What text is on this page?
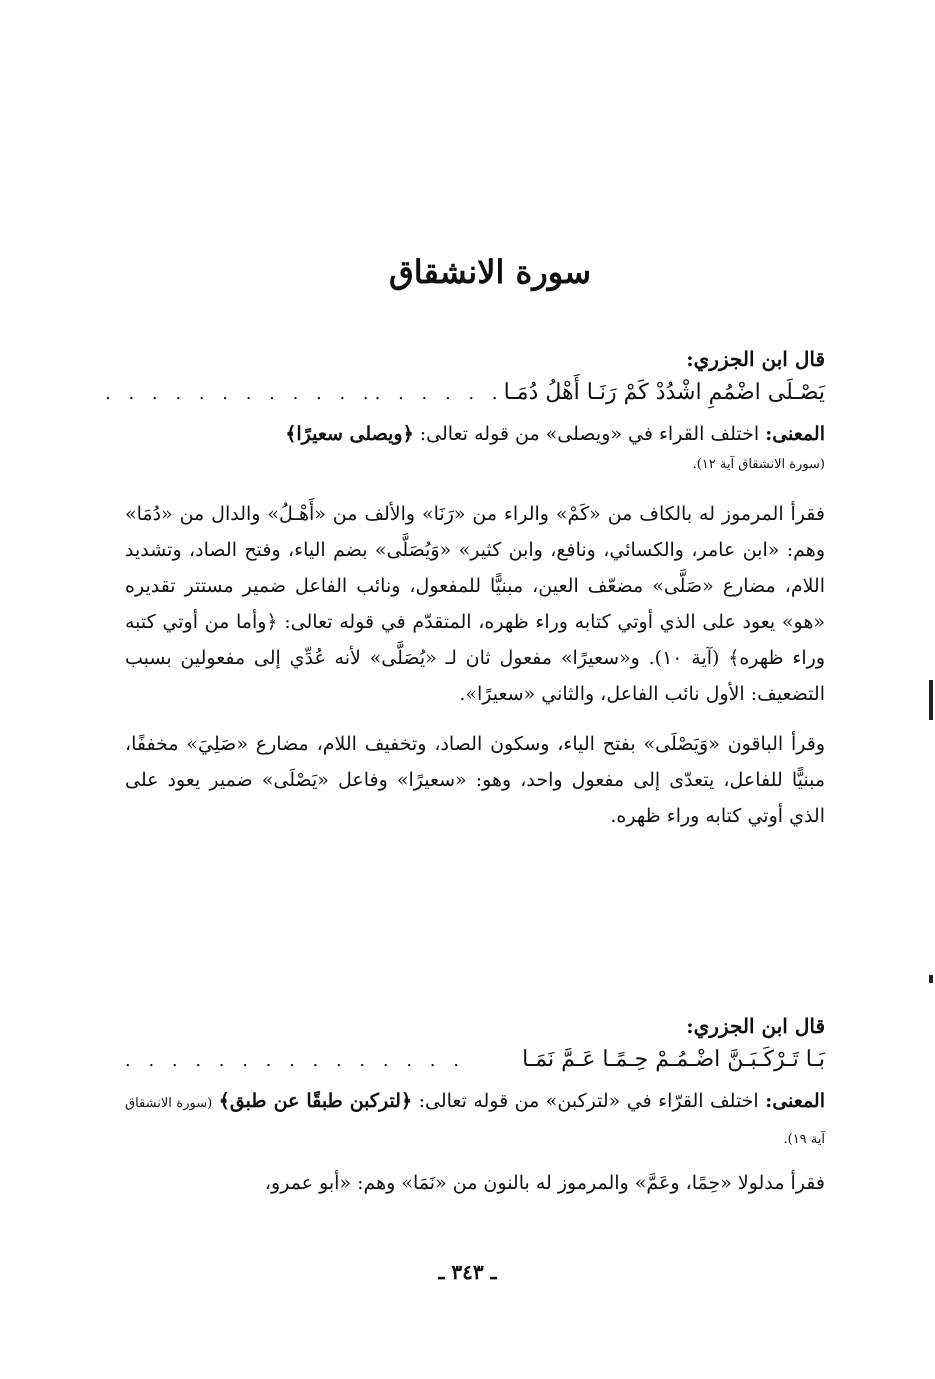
سورة الانشقاق

قال ابن الجزري:

يَصْـلَى اضْمُمِ اشْدُدْ كَمْ رَنَـا أَهْلُ دُمَـا
. . . . . .
. . . . . . . . . . . .

المعنى: اختلف القراء في «ويصلى» من قوله تعالى: ﴿ويصلى سعيرًا﴾

(سورة الانشقاق آية ١٢).

فقرأ المرموز له بالكاف من «كَمْ» والراء من «رَنَا» والألف من «أَهْـلُ» والدال من «دُمَا» وهم: «ابن عامر، والكسائي، ونافع، وابن كثير» «وَيُصَلَّى» بضم الياء، وفتح الصاد، وتشديد اللام، مضارع «صَلَّى» مضعّف العين، مبنيًّا للمفعول، ونائب الفاعل ضمير مستتر تقديره «هو» يعود على الذي أوتي كتابه وراء ظهره، المتقدّم في قوله تعالى: ﴿وأما من أوتي كتبه وراء ظهره﴾ (آية ١٠). و«سعيرًا» مفعول ثان لـ «يُصَلَّى» لأنه عُدِّي إلى مفعولين بسبب التضعيف: الأول نائب الفاعل، والثاني «سعيرًا».

وقرأ الباقون «وَيَصْلَى» بفتح الياء، وسكون الصاد، وتخفيف اللام، مضارع «صَلِيَ» مخففًا، مبنيًّا للفاعل، يتعدّى إلى مفعول واحد، وهو: «سعيرًا» وفاعل «يَصْلَى» ضمير يعود على الذي أوتي كتابه وراء ظهره.

قال ابن الجزري:

بَـا تَـرْكَـبَـنَّ اضْـمُـمْ حِـمًـا عَـمَّ نَمَـا
. . . . . . . . . . . . . . .

المعنى: اختلف القرّاء في «لتركبن» من قوله تعالى: ﴿لتركبن طبقًا عن طبق﴾ (سورة الانشقاق آية ١٩).

فقرأ مدلولا «حِمًا، وعَمَّ» والمرموز له بالنون من «نَمَا» وهم: «أبو عمرو،

ـ ٣٤٣ ـ
